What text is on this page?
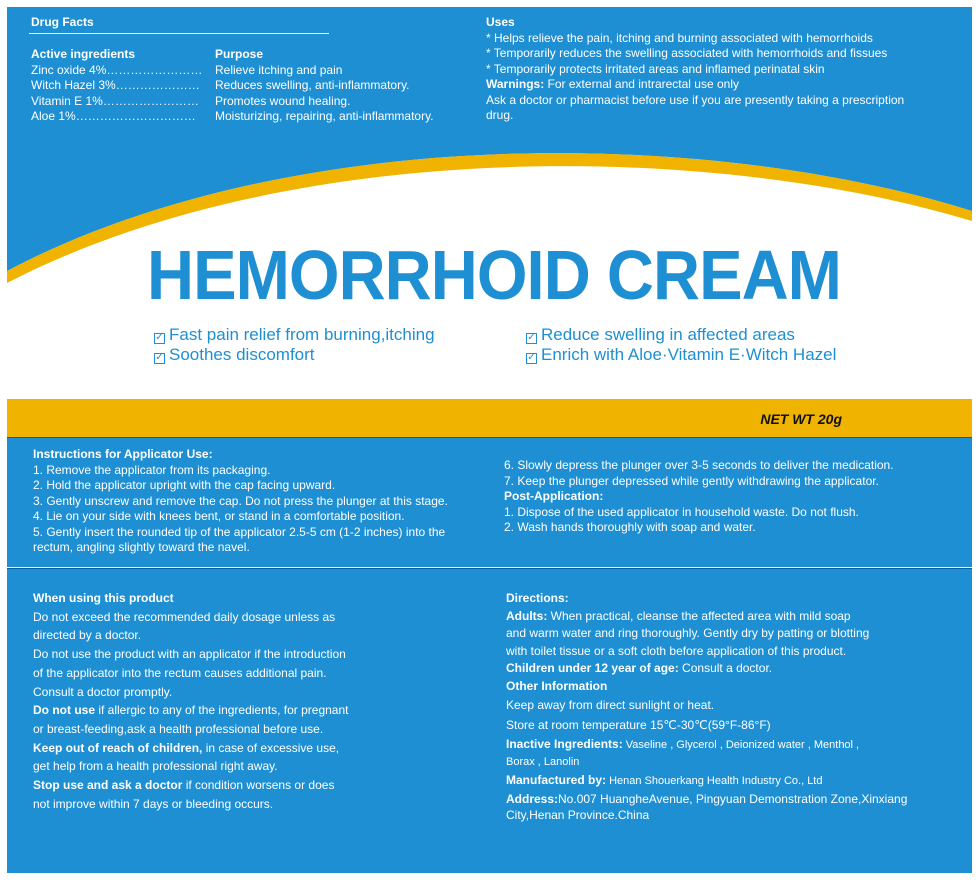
Drug Facts
Active ingredients	Purpose
Zinc oxide 4%…………………… Relieve itching and pain
Witch Hazel 3%………………… Reduces swelling, anti-inflammatory.
Vitamin E 1%…………………… Promotes wound healing.
Aloe 1%………………………… Moisturizing, repairing, anti-inflammatory.
Uses
* Helps relieve the pain, itching and burning associated with hemorrhoids
* Temporarily reduces the swelling associated with hemorrhoids and fissues
* Temporarily protects irritated areas and inflamed perinatal skin
Warnings: For external and intrarectal use only
Ask a doctor or pharmacist before use if you are presently taking a prescription
drug.
HEMORRHOID CREAM
✓ Fast pain relief from burning,itching
✓ Soothes discomfort
✓ Reduce swelling in affected areas
✓ Enrich with Aloe·Vitamin E·Witch Hazel
NET WT 20g
Instructions for Applicator Use:
1. Remove the applicator from its packaging.
2. Hold the applicator upright with the cap facing upward.
3. Gently unscrew and remove the cap. Do not press the plunger at this stage.
4. Lie on your side with knees bent, or stand in a comfortable position.
5. Gently insert the rounded tip of the applicator 2.5-5 cm (1-2 inches) into the
rectum, angling slightly toward the navel.
6. Slowly depress the plunger over 3-5 seconds to deliver the medication.
7. Keep the plunger depressed while gently withdrawing the applicator.
Post-Application:
1. Dispose of the used applicator in household waste. Do not flush.
2. Wash hands thoroughly with soap and water.
When using this product
Do not exceed the recommended daily dosage unless as
directed by a doctor.
Do not use the product with an applicator if the introduction
of the applicator into the rectum causes additional pain.
Consult a doctor promptly.
Do not use if allergic to any of the ingredients, for pregnant
or breast-feeding,ask a health professional before use.
Keep out of reach of children, in case of excessive use,
get help from a health professional right away.
Stop use and ask a doctor if condition worsens or does
not improve within 7 days or bleeding occurs.
Directions:
Adults: When practical, cleanse the affected area with mild soap
and warm water and ring thoroughly. Gently dry by patting or blotting
with toilet tissue or a soft cloth before application of this product.
Children under 12 year of age: Consult a doctor.
Other Information
Keep away from direct sunlight or heat.
Store at room temperature 15℃-30℃(59°F-86°F)
Inactive Ingredients: Vaseline , Glycerol , Deionized water , Menthol ,
Borax , Lanolin
Manufactured by: Henan Shouerkang Health Industry Co., Ltd
Address:No.007 HuangheAvenue, Pingyuan Demonstration Zone,Xinxiang
City,Henan Province.China
